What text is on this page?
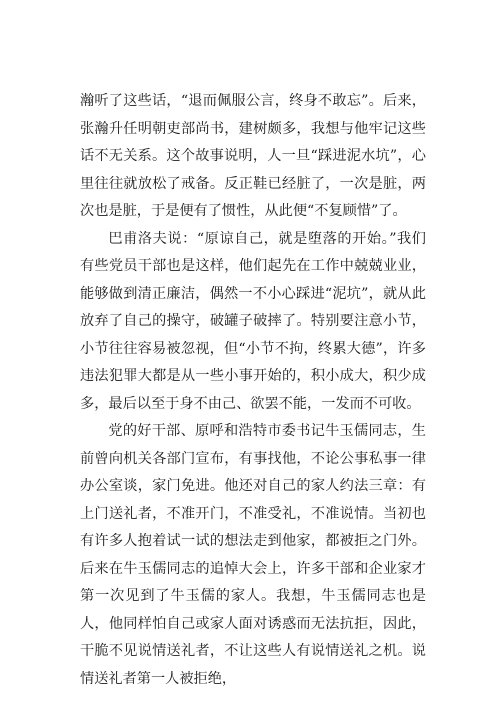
瀚听了这些话，“退而佩服公言，终身不敢忘”。后来，张瀚升任明朝吏部尚书，建树颇多，我想与他牢记这些话不无关系。这个故事说明，人一旦“踩进泥水坑”，心里往往就放松了戒备。反正鞋已经脏了，一次是脏，两次也是脏，于是便有了惯性，从此便“不复顾惜”了。

巴甫洛夫说：“原谅自己，就是堕落的开始。”我们有些党员干部也是这样，他们起先在工作中兢兢业业，能够做到清正廉洁，偶然一不小心踩进“泥坑”，就从此放弃了自己的操守，破罐子破摔了。特别要注意小节，小节往往容易被忽视，但“小节不拘，终累大德”，许多违法犯罪大都是从一些小事开始的，积小成大，积少成多，最后以至于身不由己、欲罢不能，一发而不可收。

党的好干部、原呼和浩特市委书记牛玉儒同志，生前曾向机关各部门宣布，有事找他，不论公事私事一律办公室谈，家门免进。他还对自己的家人约法三章：有上门送礼者，不准开门，不准受礼，不准说情。当初也有许多人抱着试一试的想法走到他家，都被拒之门外。后来在牛玉儒同志的追悼大会上，许多干部和企业家才第一次见到了牛玉儒的家人。我想，牛玉儒同志也是人，他同样怕自己或家人面对诱惑而无法抗拒，因此，干脆不见说情送礼者，不让这些人有说情送礼之机。说情送礼者第一人被拒绝，
